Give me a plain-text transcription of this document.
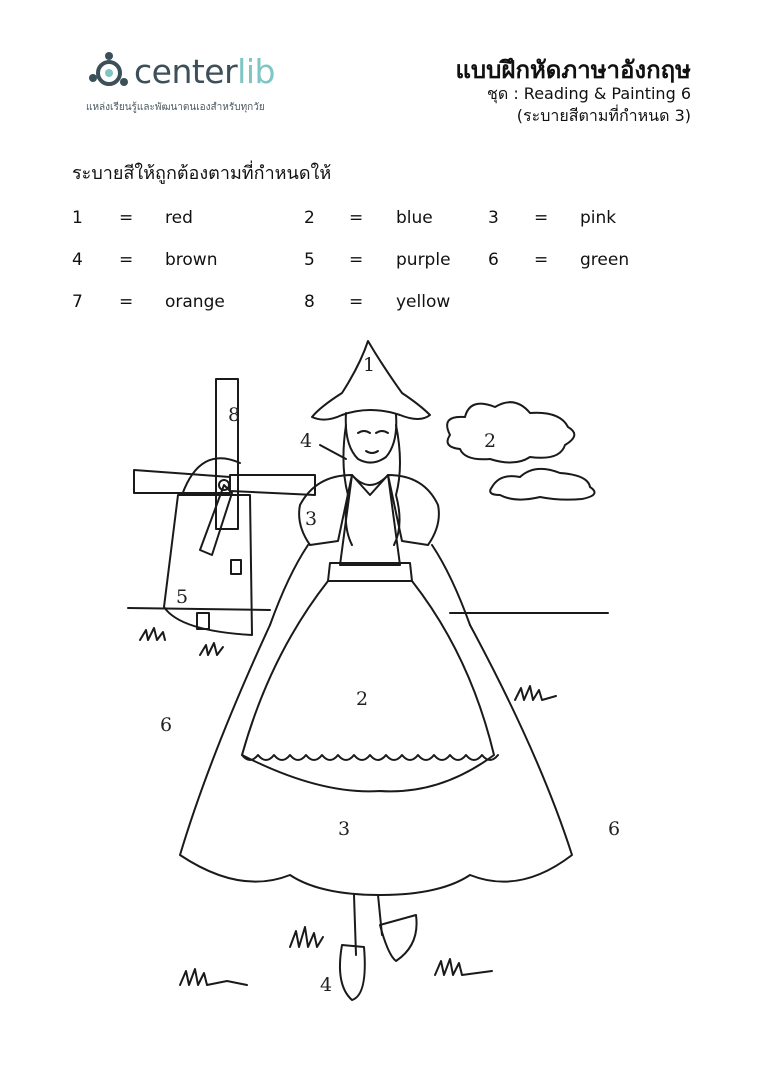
centerlib
แหล่งเรียนรู้และพัฒนาตนเองสำหรับทุกวัย
แบบฝึกหัดภาษาอังกฤษ
ชุด : Reading & Painting 6
(ระบายสีตามที่กำหนด 3)
ระบายสีให้ถูกต้องตามที่กำหนดให้
1 = red	2 = blue	3 = pink
4 = brown	5 = purple 6 = green
7 = orange	8 = yellow
1
4	2
8
3
5
2
6
3	6
4
